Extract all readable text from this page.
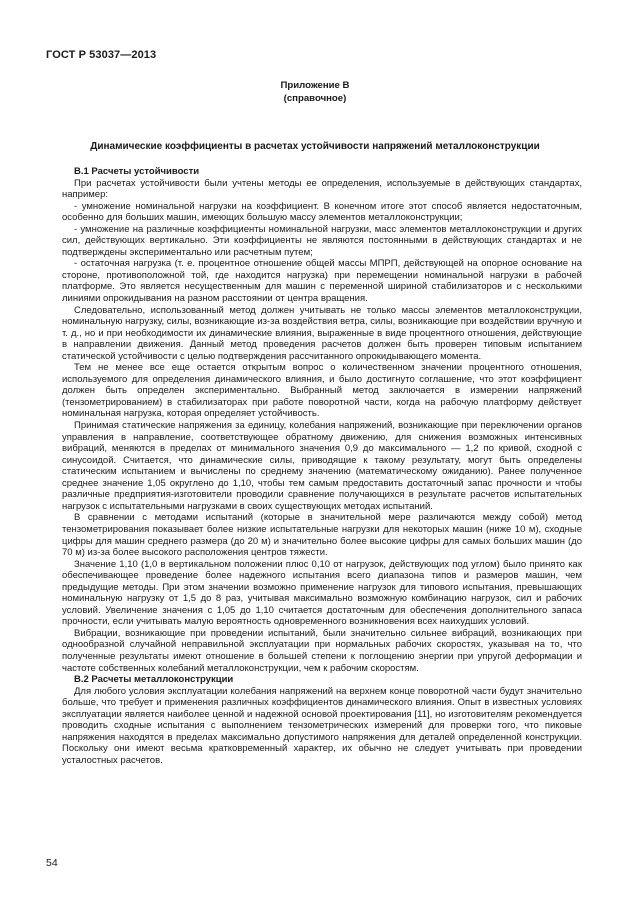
ГОСТ Р 53037—2013
Приложение В
(справочное)
Динамические коэффициенты в расчетах устойчивости напряжений металлоконструкции

В.1 Расчеты устойчивости

При расчетах устойчивости были учтены методы ее определения, используемые в действующих стандартах, например:

- умножение номинальной нагрузки на коэффициент. В конечном итоге этот способ является недостаточным, особенно для больших машин, имеющих большую массу элементов металлоконструкции;

- умножение на различные коэффициенты номинальной нагрузки, масс элементов металлоконструкции и других сил, действующих вертикально. Эти коэффициенты не являются постоянными в действующих стандартах и не подтверждены экспериментально или расчетным путем;

- остаточная нагрузка (т. е. процентное отношение общей массы МПРП, действующей на опорное основание на стороне, противоположной той, где находится нагрузка) при перемещении номинальной нагрузки в рабочей платформе. Это является несущественным для машин с переменной шириной стабилизаторов и с несколькими линиями опрокидывания на разном расстоянии от центра вращения.

Следовательно, использованный метод должен учитывать не только массы элементов металлоконструкции, номинальную нагрузку, силы, возникающие из-за воздействия ветра, силы, возникающие при воздействии вручную и т. д., но и при необходимости их динамические влияния, выраженные в виде процентного отношения, действующие в направлении движения. Данный метод проведения расчетов должен быть проверен типовым испытанием статической устойчивости с целью подтверждения рассчитанного опрокидывающего момента.

Тем не менее все еще остается открытым вопрос о количественном значении процентного отношения, используемого для определения динамического влияния, и было достигнуто соглашение, что этот коэффициент должен быть определен экспериментально. Выбранный метод заключается в измерении напряжений (тензометрированием) в стабилизаторах при работе поворотной части, когда на рабочую платформу действует номинальная нагрузка, которая определяет устойчивость.

Принимая статические напряжения за единицу, колебания напряжений, возникающие при переключении органов управления в направление, соответствующее обратному движению, для снижения возможных интенсивных вибраций, меняются в пределах от минимального значения 0,9 до максимального — 1,2 по кривой, сходной с синусоидой. Считается, что динамические силы, приводящие к такому результату, могут быть определены статическим испытанием и вычислены по среднему значению (математическому ожиданию). Ранее полученное среднее значение 1,05 округлено до 1,10, чтобы тем самым предоставить достаточный запас прочности и чтобы различные предприятия-изготовители проводили сравнение получающихся в результате расчетов испытательных нагрузок с испытательными нагрузками в своих существующих методах испытаний.

В сравнении с методами испытаний (которые в значительной мере различаются между собой) метод тензометрирования показывает более низкие испытательные нагрузки для некоторых машин (ниже 10 м), сходные цифры для машин среднего размера (до 20 м) и значительно более высокие цифры для самых больших машин (до 70 м) из-за более высокого расположения центров тяжести.

Значение 1,10 (1,0 в вертикальном положении плюс 0,10 от нагрузок, действующих под углом) было принято как обеспечивающее проведение более надежного испытания всего диапазона типов и размеров машин, чем предыдущие методы. При этом значении возможно применение нагрузок для типового испытания, превышающих номинальную нагрузку от 1,5 до 8 раз, учитывая максимально возможную комбинацию нагрузок, сил и рабочих условий. Увеличение значения с 1,05 до 1,10 считается достаточным для обеспечения дополнительного запаса прочности, если учитывать малую вероятность одновременного возникновения всех наихудших условий.

Вибрации, возникающие при проведении испытаний, были значительно сильнее вибраций, возникающих при однообразной случайной неправильной эксплуатации при нормальных рабочих скоростях, указывая на то, что полученные результаты имеют отношение в большей степени к поглощению энергии при упругой деформации и частоте собственных колебаний металлоконструкции, чем к рабочим скоростям.

В.2 Расчеты металлоконструкции

Для любого условия эксплуатации колебания напряжений на верхнем конце поворотной части будут значительно больше, что требует и применения различных коэффициентов динамического влияния. Опыт в известных условиях эксплуатации является наиболее ценной и надежной основой проектирования [11], но изготовителям рекомендуется проводить сходные испытания с выполнением тензометрических измерений для проверки того, что пиковые напряжения находятся в пределах максимально допустимого напряжения для деталей определенной конструкции. Поскольку они имеют весьма кратковременный характер, их обычно не следует учитывать при проведении усталостных расчетов.

54
